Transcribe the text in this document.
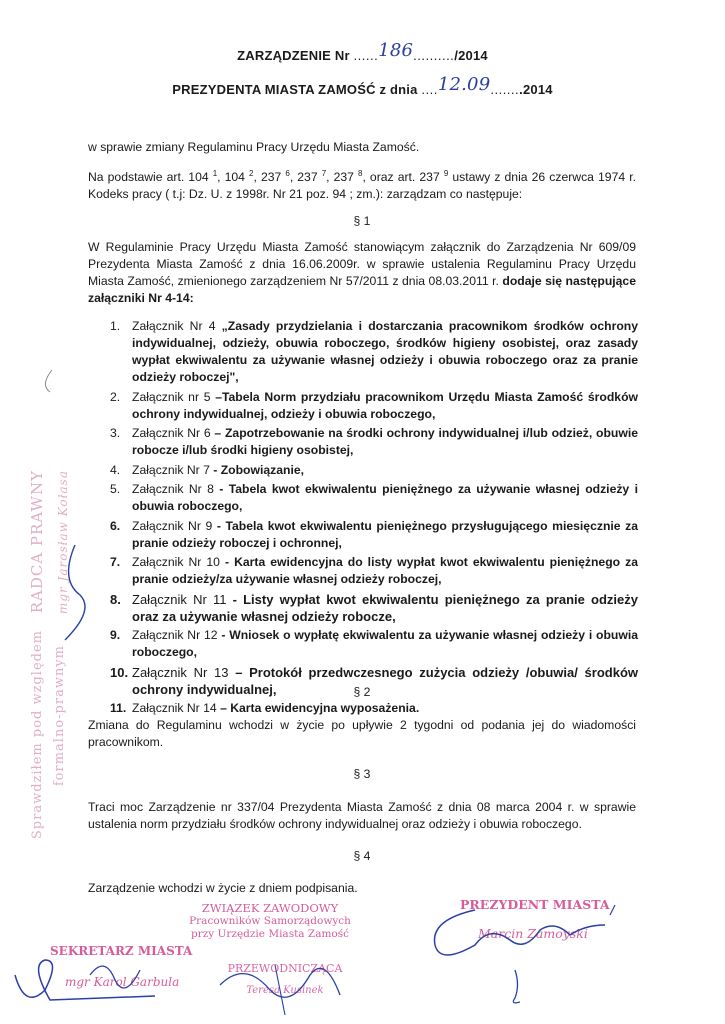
ZARZĄDZENIE Nr ......186........../2014
PREZYDENTA MIASTA ZAMOŚĆ z dnia ....12.09........2014
w sprawie zmiany Regulaminu Pracy Urzędu Miasta Zamość.
Na podstawie art. 104 $^1$, 104 $^2$, 237 $^6$, 237 $^7$, 237 $^8$, oraz art. 237 $^9$ ustawy z dnia 26 czerwca 1974 r. Kodeks pracy ( t.j: Dz. U. z 1998r. Nr 21 poz. 94 ; zm.): zarządzam co następuje:
§ 1
W Regulaminie Pracy Urzędu Miasta Zamość stanowiącym załącznik do Zarządzenia Nr 609/09 Prezydenta Miasta Zamość z dnia 16.06.2009r. w sprawie ustalenia Regulaminu Pracy Urzędu Miasta Zamość, zmienionego zarządzeniem Nr 57/2011 z dnia 08.03.2011 r. dodaje się następujące załączniki Nr 4-14:
1. Załącznik Nr 4 „Zasady przydzielania i dostarczania pracownikom środków ochrony indywidualnej, odzieży, obuwia roboczego, środków higieny osobistej, oraz zasady wypłat ekwiwalentu za używanie własnej odzieży i obuwia roboczego oraz za pranie odzieży roboczej",
2. Załącznik nr 5 –Tabela Norm przydziału pracownikom Urzędu Miasta Zamość środków ochrony indywidualnej, odzieży i obuwia roboczego,
3. Załącznik Nr 6 – Zapotrzebowanie na środki ochrony indywidualnej i/lub odzież, obuwie robocze i/lub środki higieny osobistej,
4. Załącznik Nr 7 - Zobowiązanie,
5. Załącznik Nr 8 - Tabela kwot ekwiwalentu pieniężnego za używanie własnej odzieży i obuwia roboczego,
6. Załącznik Nr 9 - Tabela kwot ekwiwalentu pieniężnego przysługującego miesięcznie za pranie odzieży roboczej i ochronnej,
7. Załącznik Nr 10 - Karta ewidencyjna do listy wypłat kwot ekwiwalentu pieniężnego za pranie odzieży/za używanie własnej odzieży roboczej,
8. Załącznik Nr 11 - Listy wypłat kwot ekwiwalentu pieniężnego za pranie odzieży oraz za używanie własnej odzieży robocze,
9. Załącznik Nr 12 - Wniosek o wypłatę ekwiwalentu za używanie własnej odzieży i obuwia roboczego,
10. Załącznik Nr 13 – Protokół przedwczesnego zużycia odzieży /obuwia/ środków ochrony indywidualnej,
11. Załącznik Nr 14 – Karta ewidencyjna wyposażenia.
§ 2
Zmiana do Regulaminu wchodzi w życie po upływie 2 tygodni od podania jej do wiadomości pracownikom.
§ 3
Traci moc Zarządzenie nr 337/04 Prezydenta Miasta Zamość z dnia 08 marca 2004 r. w sprawie ustalenia norm przydziału środków ochrony indywidualnej oraz odzieży i obuwia roboczego.
§ 4
Zarządzenie wchodzi w życie z dniem podpisania.
RADCA PRAWNY mgr Jarosław Kołasa
Sprawdziłem pod względem formalno-prawnym
ZWIĄZEK ZAWODOWY
Pracowników Samorządowych
przy Urzędzie Miasta Zamość
PRZEWODNICZĄCA
Teresa Kusinek
SEKRETARZ MIASTA
mgr Karol Garbula
PREZYDENT MIASTA
Marcin Zamoyski
